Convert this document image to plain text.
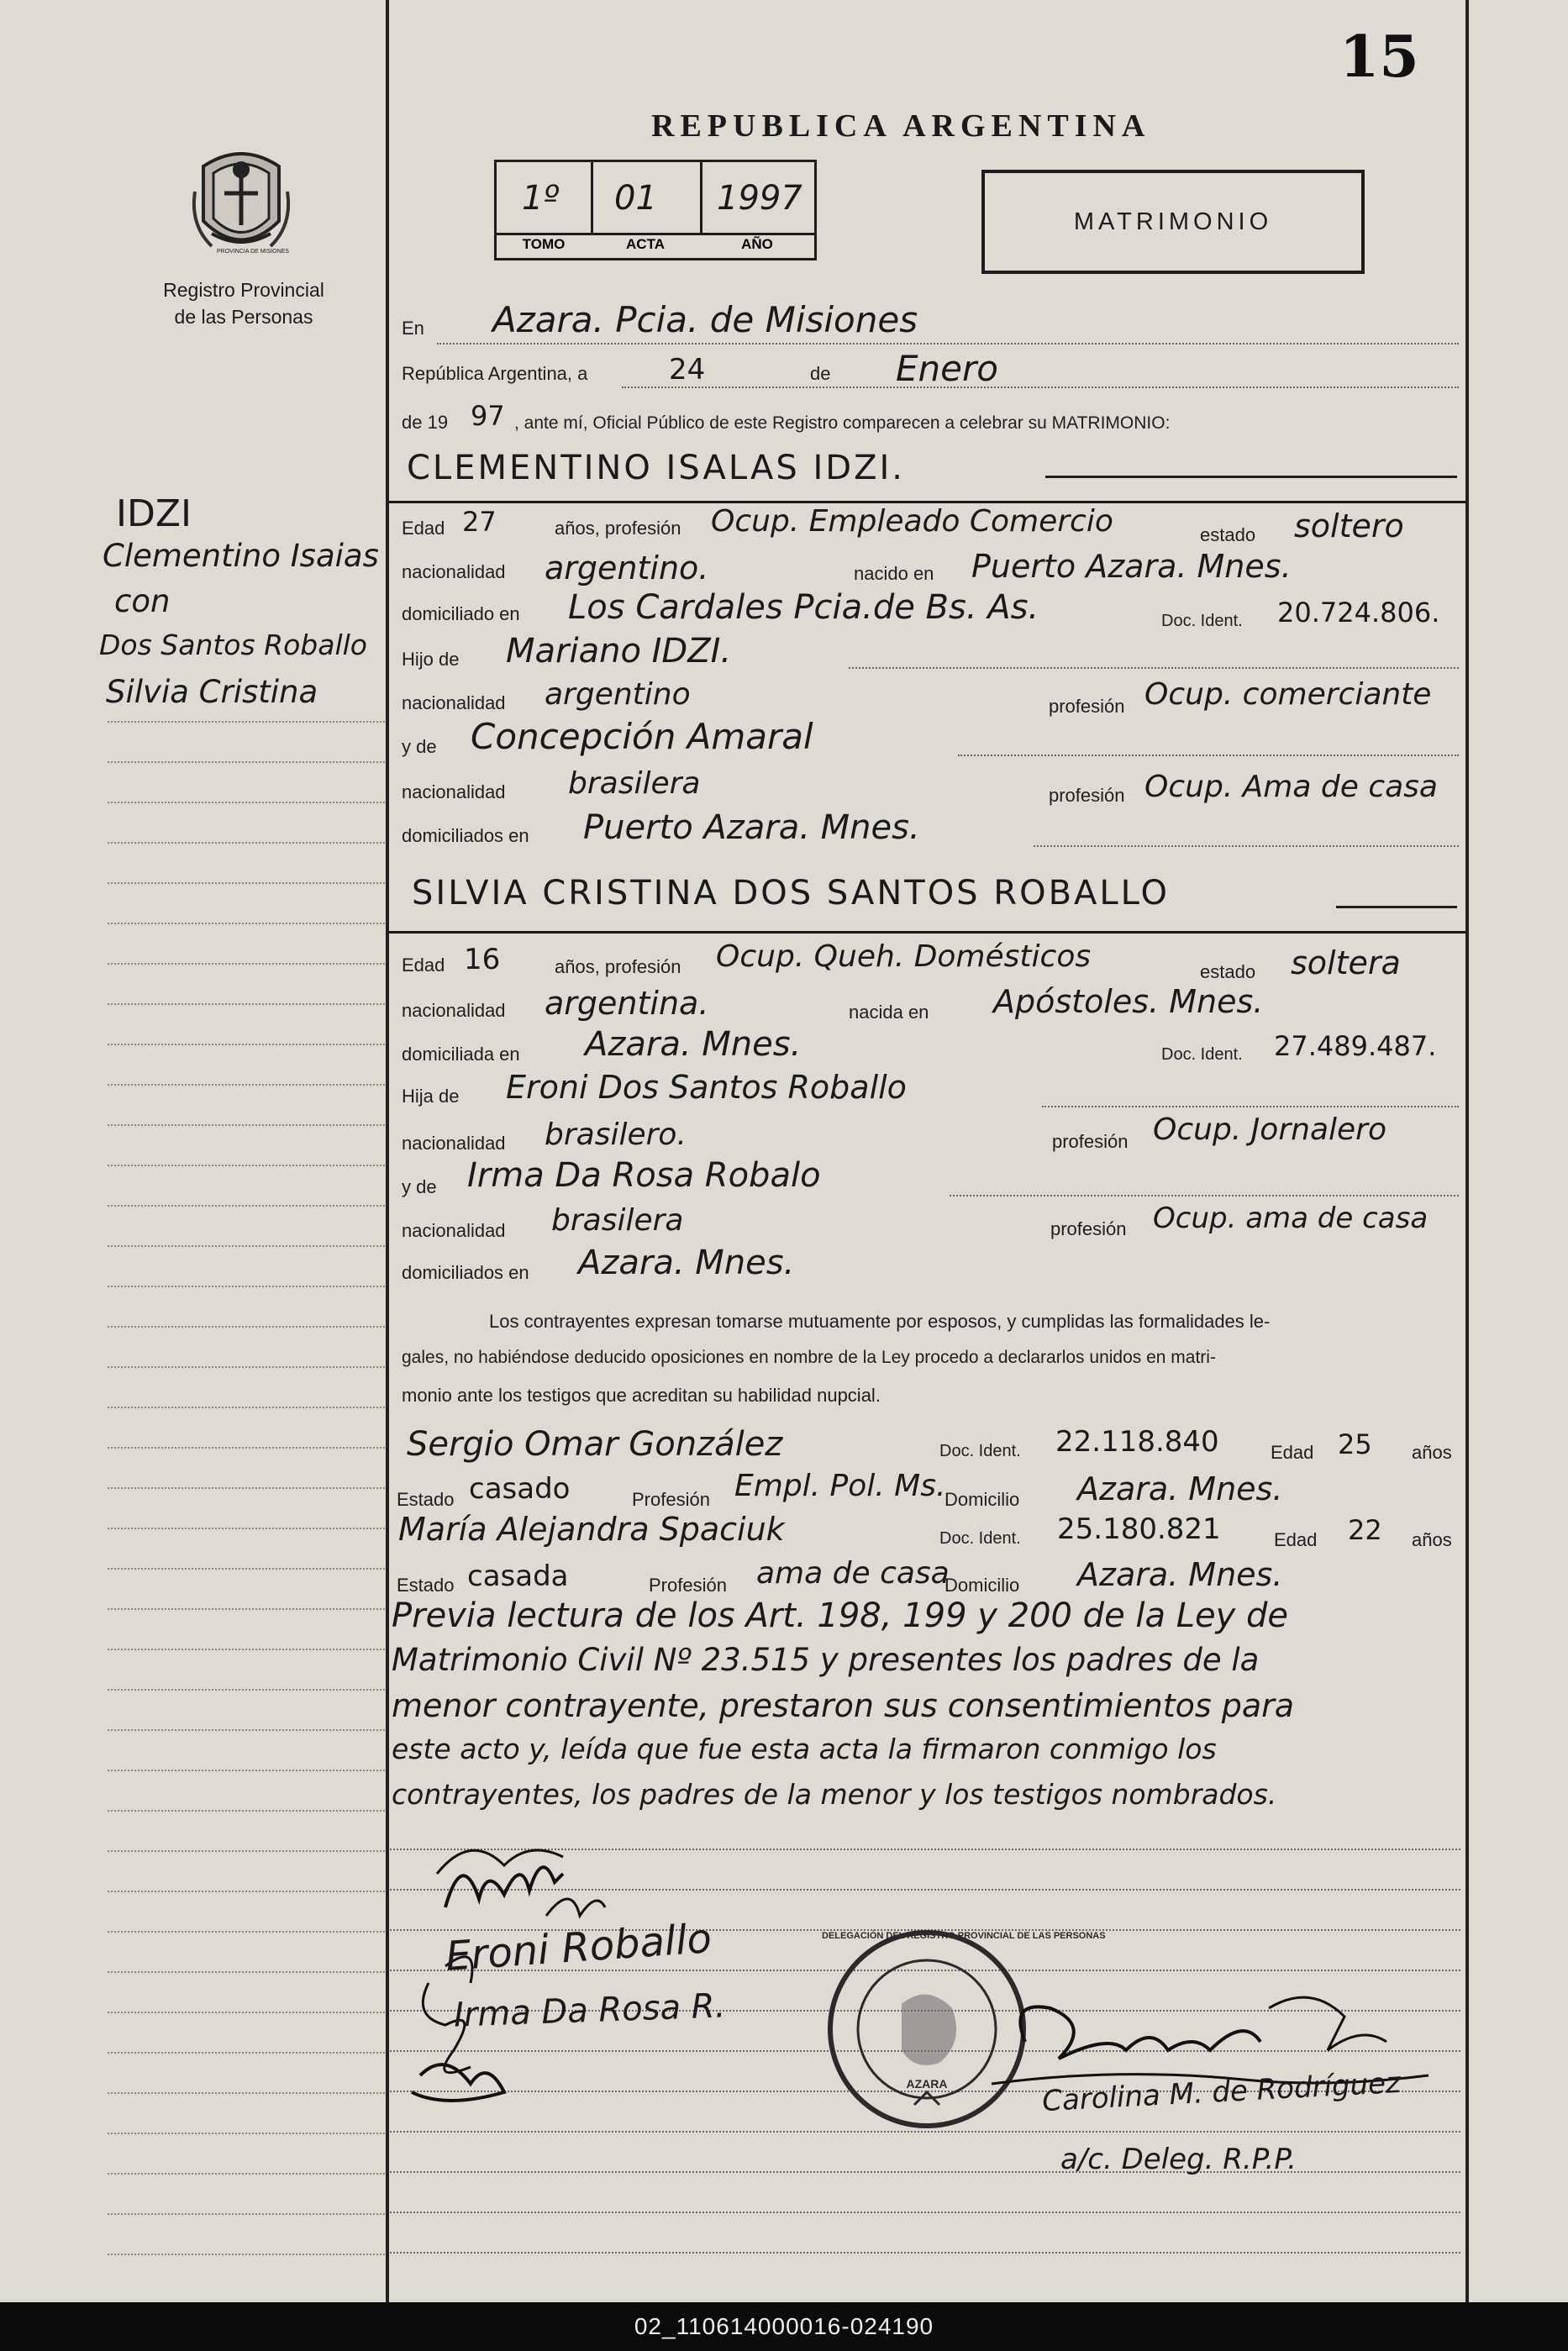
15
REPUBLICA ARGENTINA
PROVINCIA DE MISIONES
Registro Provincial
de las Personas
1º 01 1997
TOMO	ACTA	AÑO
MATRIMONIO
IDZI
Clementino Isaias
con
Dos Santos Roballo
Silvia Cristina
En Azara. Pcia. de Misiones
República Argentina, a	24	de Enero
de 19 97 , ante mí, Oficial Público de este Registro comparecen a celebrar su MATRIMONIO:
CLEMENTINO ISALAS IDZI.
Edad 27	años, profesión Ocup. Empleado Comercio	estado soltero
nacionalidad argentino.	nacido en Puerto Azara. Mnes.
domiciliado en Los Cardales Pcia.de Bs. As.	Doc. Ident. 20.724.806.
Hijo de Mariano IDZI.
nacionalidad argentino	profesión Ocup. comerciante
y de Concepción Amaral
nacionalidad brasilera	profesión Ocup. Ama de casa
domiciliados en Puerto Azara. Mnes.
SILVIA CRISTINA DOS SANTOS ROBALLO
Edad 16	años, profesión Ocup. Queh. Domésticos	estado soltera
nacionalidad argentina.	nacida en Apóstoles. Mnes.
domiciliada en Azara. Mnes.	Doc. Ident. 27.489.487.
Hija de Eroni Dos Santos Roballo
nacionalidad brasilero.	profesión Ocup. Jornalero
y de Irma Da Rosa Robalo
nacionalidad brasilera	profesión Ocup. ama de casa
domiciliados en Azara. Mnes.
Los contrayentes expresan tomarse mutuamente por esposos, y cumplidas las formalidades le-
gales, no habiéndose deducido oposiciones en nombre de la Ley procedo a declararlos unidos en matri-
monio ante los testigos que acreditan su habilidad nupcial.
Sergio Omar González	Doc. Ident. 22.118.840	Edad 25 años
Estado casado	Profesión Empl. Pol. Ms.
Domicilio Azara. Mnes.
María Alejandra Spaciuk	Doc. Ident. 25.180.821	Edad 22 años
Estado casada	Profesión ama de casa
Domicilio Azara. Mnes.
Previa lectura de los Art. 198, 199 y 200 de la Ley de
Matrimonio Civil Nº 23.515 y presentes los padres de la
menor contrayente, prestaron sus consentimientos para
este acto y, leída que fue esta acta la firmaron conmigo los
contrayentes, los padres de la menor y los testigos nombrados.
Eroni Roballo
Irma Da Rosa R.
DELEGACIÓN DEL REGISTRO PROVINCIAL DE LAS PERSONAS
AZARA	Carolina M. de Rodríguez
a/c. Deleg. R.P.P.
02_110614000016-024190
